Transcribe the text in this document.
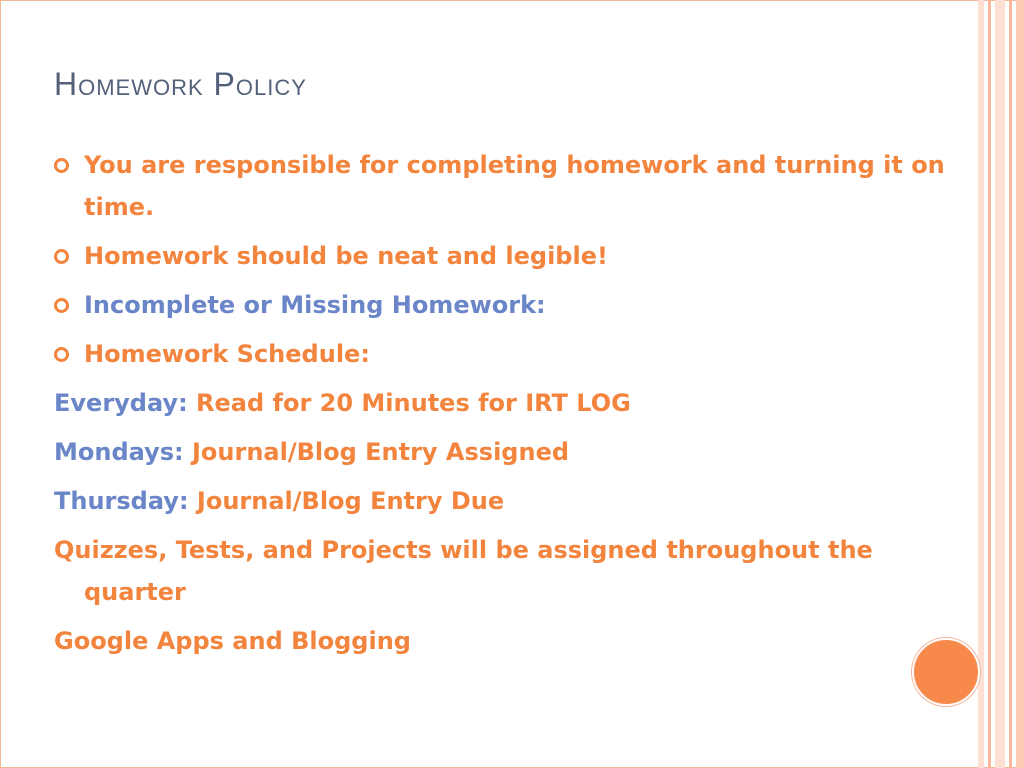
Homework Policy
You are responsible for completing homework and turning it on time.
Homework should be neat and legible!
Incomplete or Missing Homework:
Homework Schedule:
Everyday: Read for 20 Minutes for IRT LOG
Mondays: Journal/Blog Entry Assigned
Thursday: Journal/Blog Entry Due
Quizzes, Tests, and Projects will be assigned throughout the quarter
Google Apps and Blogging
